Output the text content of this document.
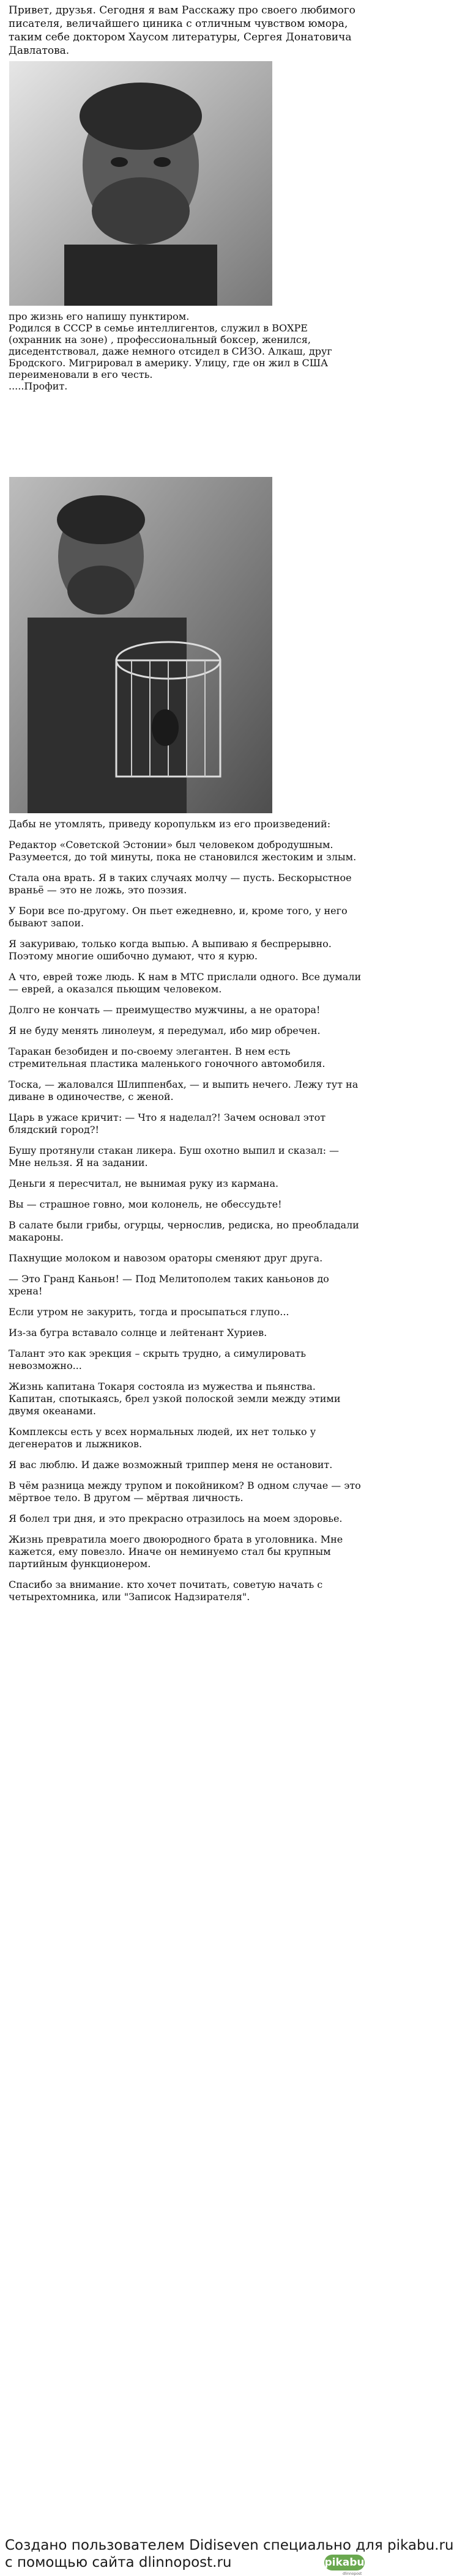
Привет, друзья. Сегодня я вам Расскажу про своего любимого писателя, величайшего циника с отличным чувством юмора, таким себе доктором Хаусом литературы, Сергея Донатовича Давлатова.

про жизнь его напишу пунктиром.

Родился в СССР в семье интеллигентов, служил в ВОХРЕ (охранник на зоне) , профессиональный боксер, женился, диседентствовал, даже немного отсидел в СИЗО. Алкаш, друг Бродского. Мигрировал в америку. Улицу, где он жил в США переименовали в его честь.

.....Профит.

Дабы не утомлять, приведу коропулькм из его произведений:

Редактор «Советской Эстонии» был человеком добродушным. Разумеется, до той минуты, пока не становился жестоким и злым.

Стала она врать. Я в таких случаях молчу — пусть. Бескорыстное враньё — это не ложь, это поэзия.

У Бори все по-другому. Он пьет ежедневно, и, кроме того, у него бывают запои.

Я закуриваю, только когда выпью. А выпиваю я беспрерывно. Поэтому многие ошибочно думают, что я курю.

А что, еврей тоже людь. К нам в МТС прислали одного. Все думали — еврей, а оказался пьющим человеком.

Долго не кончать — преимущество мужчины, а не оратора!

Я не буду менять линолеум, я передумал, ибо мир обречен.

Таракан безобиден и по-своему элегантен. В нем есть стремительная пластика маленького гоночного автомобиля.

Тоска, — жаловался Шлиппенбах, — и выпить нечего. Лежу тут на диване в одиночестве, с женой.

Царь в ужасе кричит: — Что я наделал?! Зачем основал этот блядский город?!

Бушу протянули стакан ликера. Буш охотно выпил и сказал: — Мне нельзя. Я на задании.

Деньги я пересчитал, не вынимая руку из кармана.

Вы — страшное говно, мои колонель, не обессудьте!

В салате были грибы, огурцы, чернослив, редиска, но преобладали макароны.

Пахнущие молоком и навозом ораторы сменяют друг друга.

— Это Гранд Каньон! — Под Мелитополем таких каньонов до хрена!

Если утром не закурить, тогда и просыпаться глупо...

Из-за бугра вставало солнце и лейтенант Хуриев.

Талант это как эрекция – скрыть трудно, а симулировать невозможно...

Жизнь капитана Токаря состояла из мужества и пьянства. Капитан, спотыкаясь, брел узкой полоской земли между этими двумя океанами.

Комплексы есть у всех нормальных людей, их нет только у дегенератов и лыжников.

Я вас люблю. И даже возможный триппер меня не остановит.

В чём разница между трупом и покойником? В одном случае — это мёртвое тело. В другом — мёртвая личность.

Я болел три дня, и это прекрасно отразилось на моем здоровье.

Жизнь превратила моего двоюродного брата в уголовника. Мне кажется, ему повезло. Иначе он неминуемо стал бы крупным партийным функционером.

Спасибо за внимание. кто хочет почитать, советую начать с четырехтомника, или "Записок Надзирателя".

Создано пользователем Didiseven специально для pikabu.ru
с помощью сайта dlinnopost.ru	pikabu
dlinnopost
